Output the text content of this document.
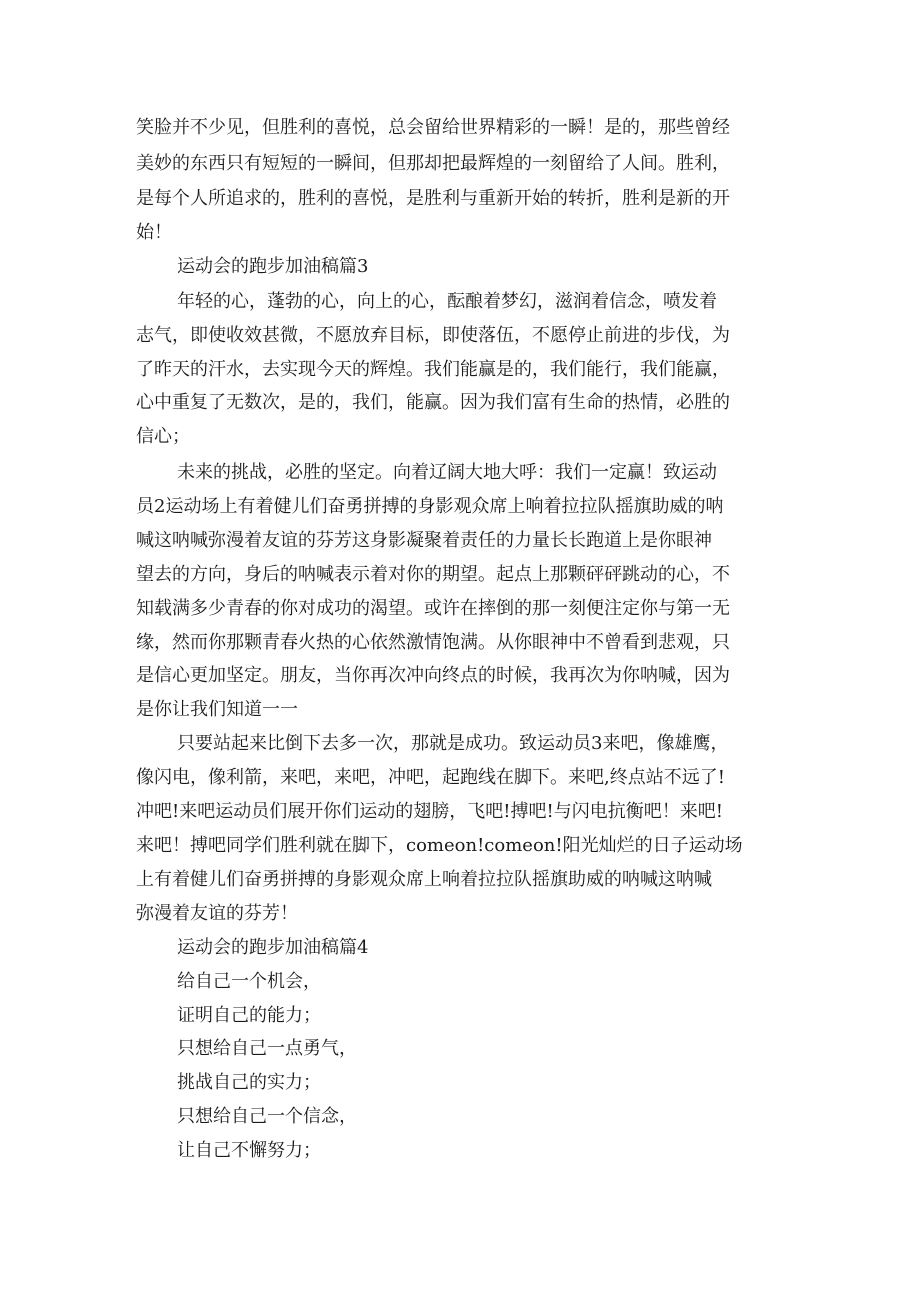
笑脸并不少见，但胜利的喜悦，总会留给世界精彩的一瞬！是的，那些曾经
美妙的东西只有短短的一瞬间，但那却把最辉煌的一刻留给了人间。胜利，
是每个人所追求的，胜利的喜悦，是胜利与重新开始的转折，胜利是新的开
始！
运动会的跑步加油稿篇3
年轻的心，蓬勃的心，向上的心，酝酿着梦幻，滋润着信念，喷发着
志气，即使收效甚微，不愿放弃目标，即使落伍，不愿停止前进的步伐，为
了昨天的汗水，去实现今天的辉煌。我们能赢是的，我们能行，我们能赢，
心中重复了无数次，是的，我们，能赢。因为我们富有生命的热情，必胜的
信心；
未来的挑战，必胜的坚定。向着辽阔大地大呼：我们一定赢！致运动
员2运动场上有着健儿们奋勇拼搏的身影观众席上响着拉拉队摇旗助威的呐
喊这呐喊弥漫着友谊的芬芳这身影凝聚着责任的力量长长跑道上是你眼神
望去的方向，身后的呐喊表示着对你的期望。起点上那颗砰砰跳动的心，不
知载满多少青春的你对成功的渴望。或许在摔倒的那一刻便注定你与第一无
缘，然而你那颗青春火热的心依然激情饱满。从你眼神中不曾看到悲观，只
是信心更加坚定。朋友，当你再次冲向终点的时候，我再次为你呐喊，因为
是你让我们知道一一
只要站起来比倒下去多一次，那就是成功。致运动员3来吧，像雄鹰，
像闪电，像利箭，来吧，来吧，冲吧，起跑线在脚下。来吧,终点站不远了!
冲吧!来吧运动员们展开你们运动的翅膀，飞吧!搏吧!与闪电抗衡吧！来吧!
来吧！搏吧同学们胜利就在脚下，comeon!comeon!阳光灿烂的日子运动场
上有着健儿们奋勇拼搏的身影观众席上响着拉拉队摇旗助威的呐喊这呐喊
弥漫着友谊的芬芳！
运动会的跑步加油稿篇4
给自己一个机会，
证明自己的能力；
只想给自己一点勇气，
挑战自己的实力；
只想给自己一个信念，
让自己不懈努力；
